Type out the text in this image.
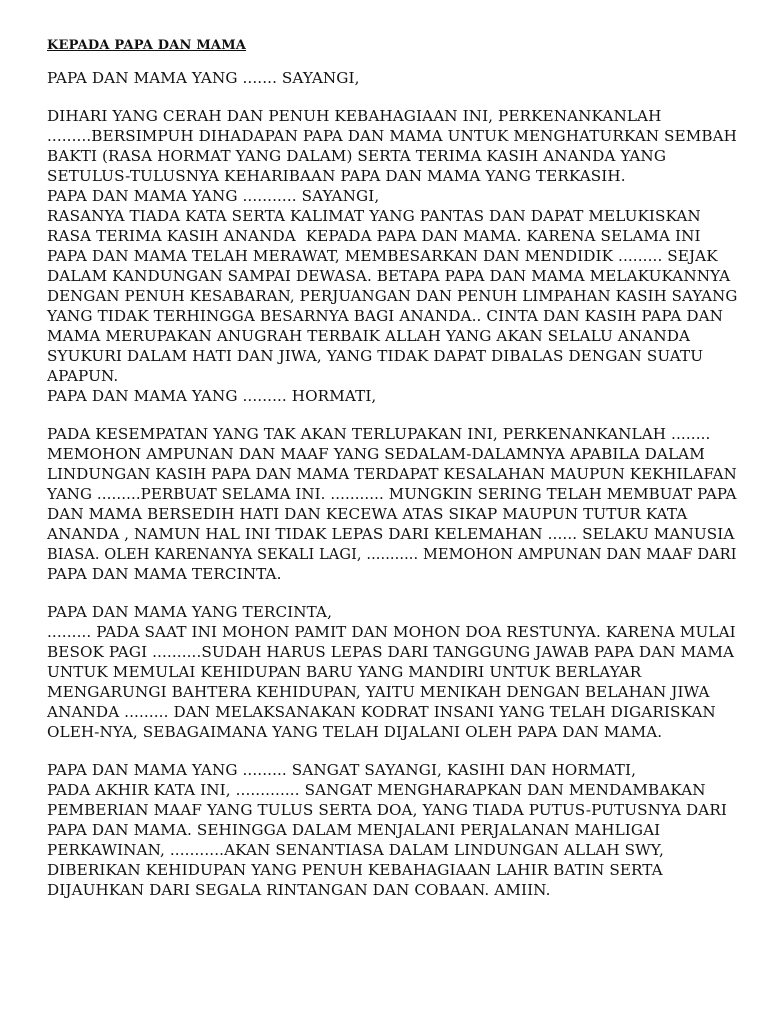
KEPADA PAPA DAN MAMA
PAPA DAN MAMA YANG ....... SAYANGI,
DIHARI YANG CERAH DAN PENUH KEBAHAGIAAN INI, PERKENANKANLAH
.........BERSIMPUH DIHADAPAN PAPA DAN MAMA UNTUK MENGHATURKAN SEMBAH
BAKTI (RASA HORMAT YANG DALAM) SERTA TERIMA KASIH ANANDA YANG
SETULUS-TULUSNYA KEHARIBAAN PAPA DAN MAMA YANG TERKASIH.
PAPA DAN MAMA YANG ........... SAYANGI,
RASANYA TIADA KATA SERTA KALIMAT YANG PANTAS DAN DAPAT MELUKISKAN
RASA TERIMA KASIH ANANDA  KEPADA PAPA DAN MAMA. KARENA SELAMA INI
PAPA DAN MAMA TELAH MERAWAT, MEMBESARKAN DAN MENDIDIK ......... SEJAK
DALAM KANDUNGAN SAMPAI DEWASA. BETAPA PAPA DAN MAMA MELAKUKANNYA
DENGAN PENUH KESABARAN, PERJUANGAN DAN PENUH LIMPAHAN KASIH SAYANG
YANG TIDAK TERHINGGA BESARNYA BAGI ANANDA.. CINTA DAN KASIH PAPA DAN
MAMA MERUPAKAN ANUGRAH TERBAIK ALLAH YANG AKAN SELALU ANANDA
SYUKURI DALAM HATI DAN JIWA, YANG TIDAK DAPAT DIBALAS DENGAN SUATU
APAPUN.
PAPA DAN MAMA YANG ......... HORMATI,
PADA KESEMPATAN YANG TAK AKAN TERLUPAKAN INI, PERKENANKANLAH ........
MEMOHON AMPUNAN DAN MAAF YANG SEDALAM-DALAMNYA APABILA DALAM
LINDUNGAN KASIH PAPA DAN MAMA TERDAPAT KESALAHAN MAUPUN KEKHILAFAN
YANG .........PERBUAT SELAMA INI. ........... MUNGKIN SERING TELAH MEMBUAT PAPA
DAN MAMA BERSEDIH HATI DAN KECEWA ATAS SIKAP MAUPUN TUTUR KATA
ANANDA , NAMUN HAL INI TIDAK LEPAS DARI KELEMAHAN ...... SELAKU MANUSIA
BIASA. OLEH KARENANYA SEKALI LAGI, ........... MEMOHON AMPUNAN DAN MAAF DARI
PAPA DAN MAMA TERCINTA.
PAPA DAN MAMA YANG TERCINTA,
......... PADA SAAT INI MOHON PAMIT DAN MOHON DOA RESTUNYA. KARENA MULAI
BESOK PAGI ..........SUDAH HARUS LEPAS DARI TANGGUNG JAWAB PAPA DAN MAMA
UNTUK MEMULAI KEHIDUPAN BARU YANG MANDIRI UNTUK BERLAYAR
MENGARUNGI BAHTERA KEHIDUPAN, YAITU MENIKAH DENGAN BELAHAN JIWA
ANANDA ......... DAN MELAKSANAKAN KODRAT INSANI YANG TELAH DIGARISKAN
OLEH-NYA, SEBAGAIMANA YANG TELAH DIJALANI OLEH PAPA DAN MAMA.
PAPA DAN MAMA YANG ......... SANGAT SAYANGI, KASIHI DAN HORMATI,
PADA AKHIR KATA INI, ............. SANGAT MENGHARAPKAN DAN MENDAMBAKAN
PEMBERIAN MAAF YANG TULUS SERTA DOA, YANG TIADA PUTUS-PUTUSNYA DARI
PAPA DAN MAMA. SEHINGGA DALAM MENJALANI PERJALANAN MAHLIGAI
PERKAWINAN, ...........AKAN SENANTIASA DALAM LINDUNGAN ALLAH SWY,
DIBERIKAN KEHIDUPAN YANG PENUH KEBAHAGIAAN LAHIR BATIN SERTA
DIJAUHKAN DARI SEGALA RINTANGAN DAN COBAAN. AMIIN.
